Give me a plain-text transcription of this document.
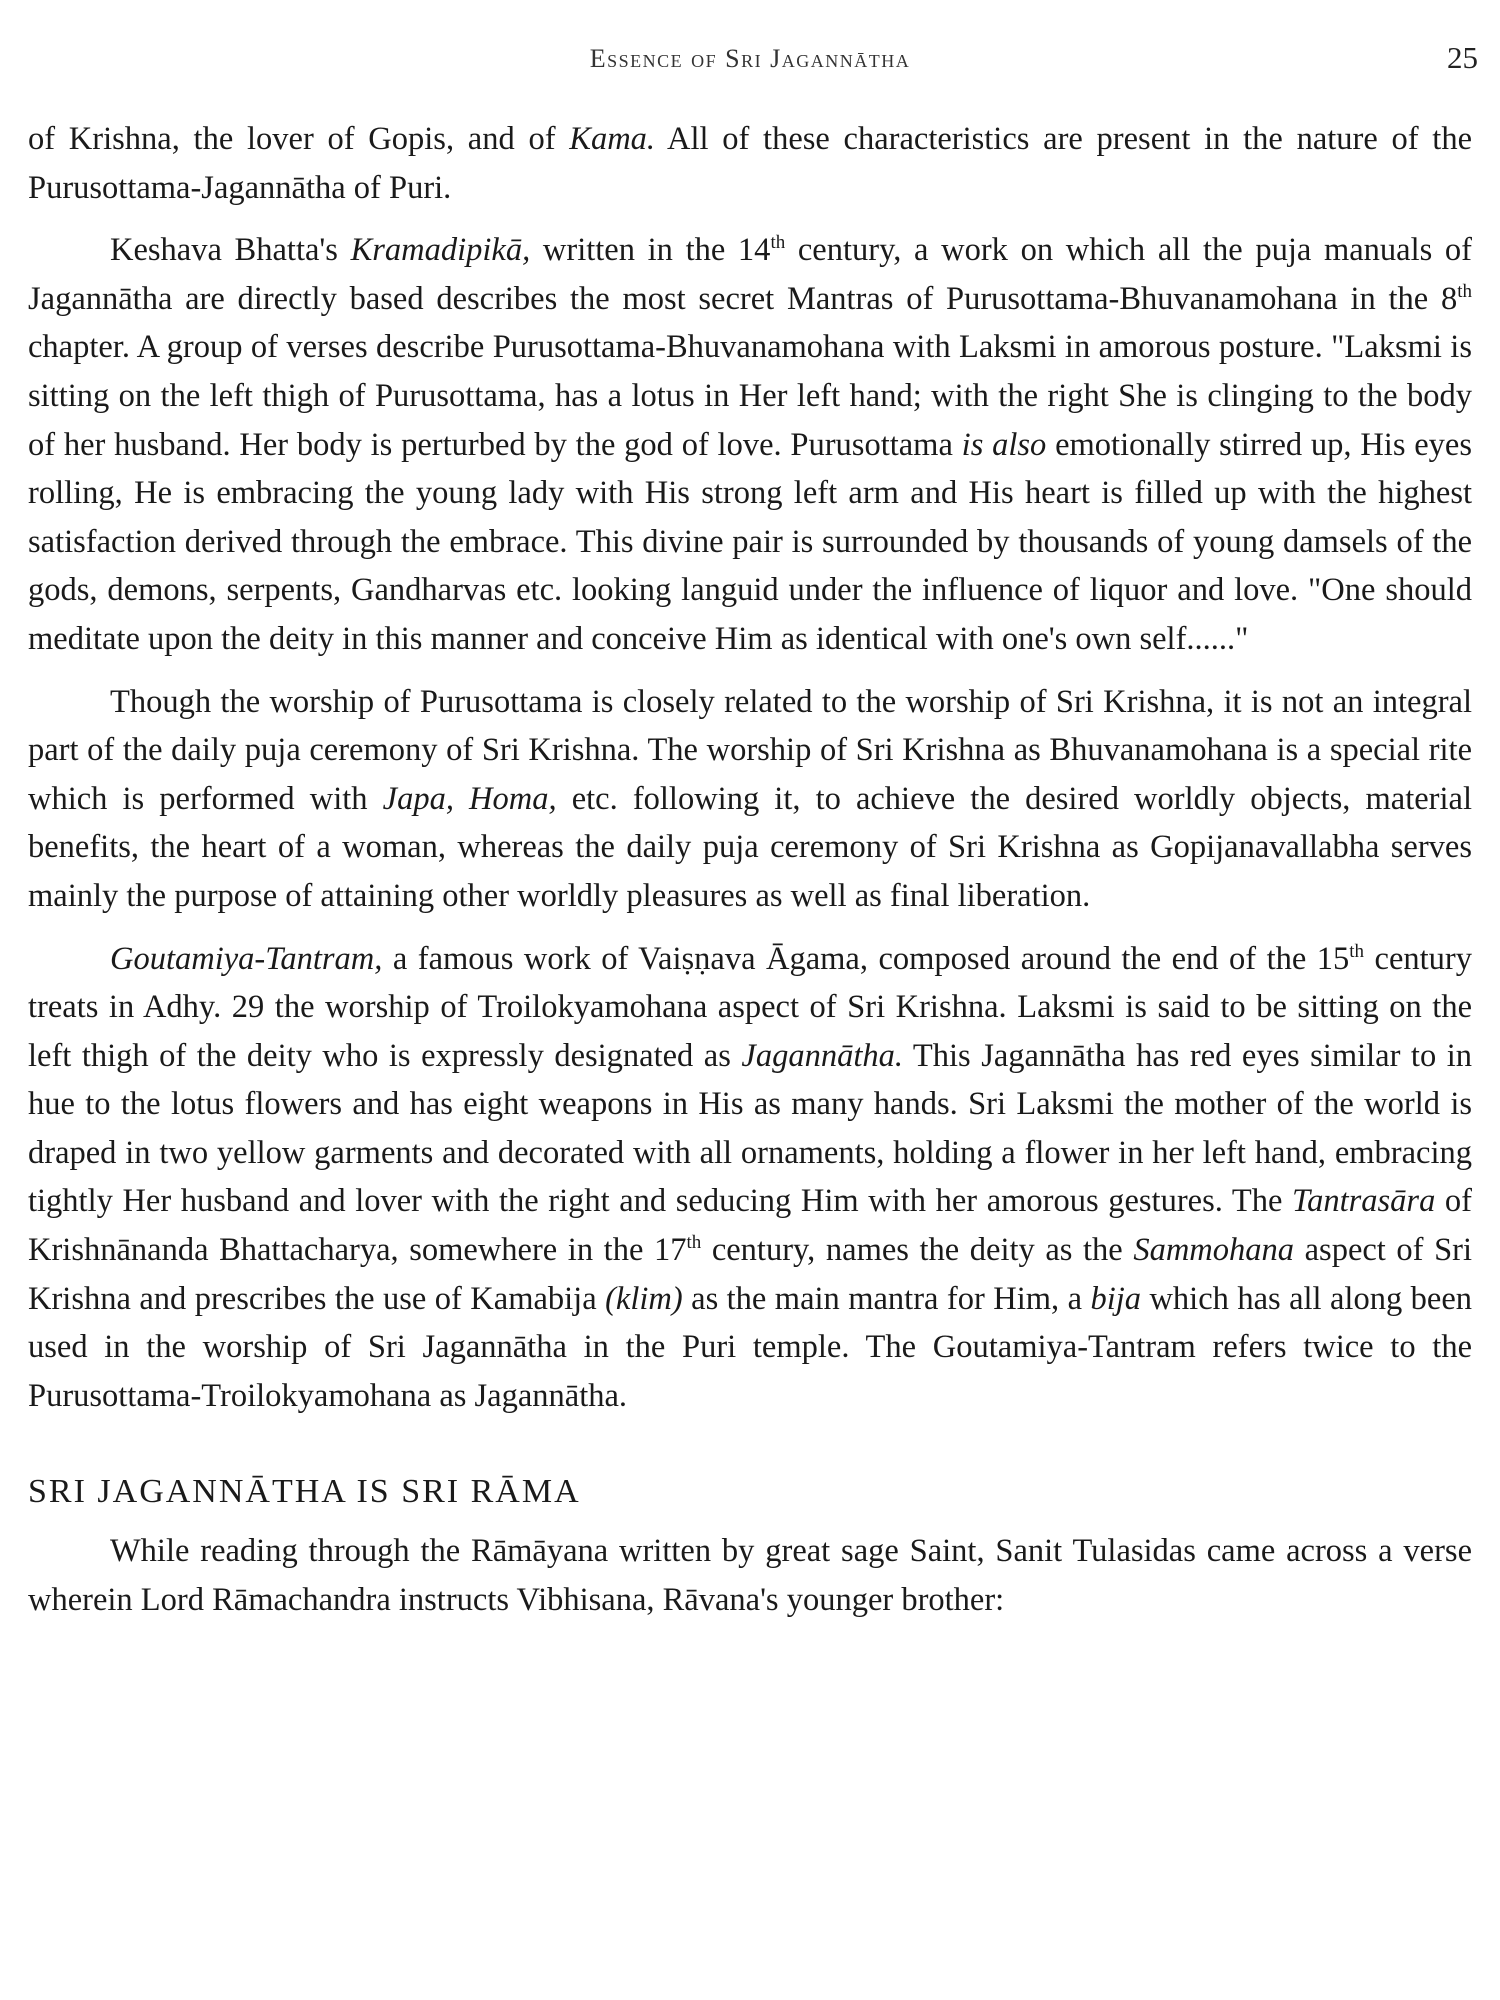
Essence of Sri Jagannātha	25

of Krishna, the lover of Gopis, and of Kama. All of these characteristics are present in the nature of the Purusottama-Jagannātha of Puri.

Keshava Bhatta's Kramadipikā, written in the 14th century, a work on which all the puja manuals of Jagannātha are directly based describes the most secret Mantras of Purusottama-Bhuvanamohana in the 8th chapter. A group of verses describe Purusottama-Bhuvanamohana with Laksmi in amorous posture. "Laksmi is sitting on the left thigh of Purusottama, has a lotus in Her left hand; with the right She is clinging to the body of her husband. Her body is perturbed by the god of love. Purusottama is also emotionally stirred up, His eyes rolling, He is embracing the young lady with His strong left arm and His heart is filled up with the highest satisfaction derived through the embrace. This divine pair is surrounded by thousands of young damsels of the gods, demons, serpents, Gandharvas etc. looking languid under the influence of liquor and love. "One should meditate upon the deity in this manner and conceive Him as identical with one's own self......"

Though the worship of Purusottama is closely related to the worship of Sri Krishna, it is not an integral part of the daily puja ceremony of Sri Krishna. The worship of Sri Krishna as Bhuvanamohana is a special rite which is performed with Japa, Homa, etc. following it, to achieve the desired worldly objects, material benefits, the heart of a woman, whereas the daily puja ceremony of Sri Krishna as Gopijanavallabha serves mainly the purpose of attaining other worldly pleasures as well as final liberation.

Goutamiya-Tantram, a famous work of Vaiṣṇava Āgama, composed around the end of the 15th century treats in Adhy. 29 the worship of Troilokyamohana aspect of Sri Krishna. Laksmi is said to be sitting on the left thigh of the deity who is expressly designated as Jagannātha. This Jagannātha has red eyes similar to in hue to the lotus flowers and has eight weapons in His as many hands. Sri Laksmi the mother of the world is draped in two yellow garments and decorated with all ornaments, holding a flower in her left hand, embracing tightly Her husband and lover with the right and seducing Him with her amorous gestures. The Tantrasāra of Krishnānanda Bhattacharya, somewhere in the 17th century, names the deity as the Sammohana aspect of Sri Krishna and prescribes the use of Kamabija (klim) as the main mantra for Him, a bija which has all along been used in the worship of Sri Jagannātha in the Puri temple. The Goutamiya-Tantram refers twice to the Purusottama-Troilokyamohana as Jagannātha.

SRI JAGANNĀTHA IS SRI RĀMA

While reading through the Rāmāyana written by great sage Saint, Sanit Tulasidas came across a verse wherein Lord Rāmachandra instructs Vibhisana, Rāvana's younger brother:
